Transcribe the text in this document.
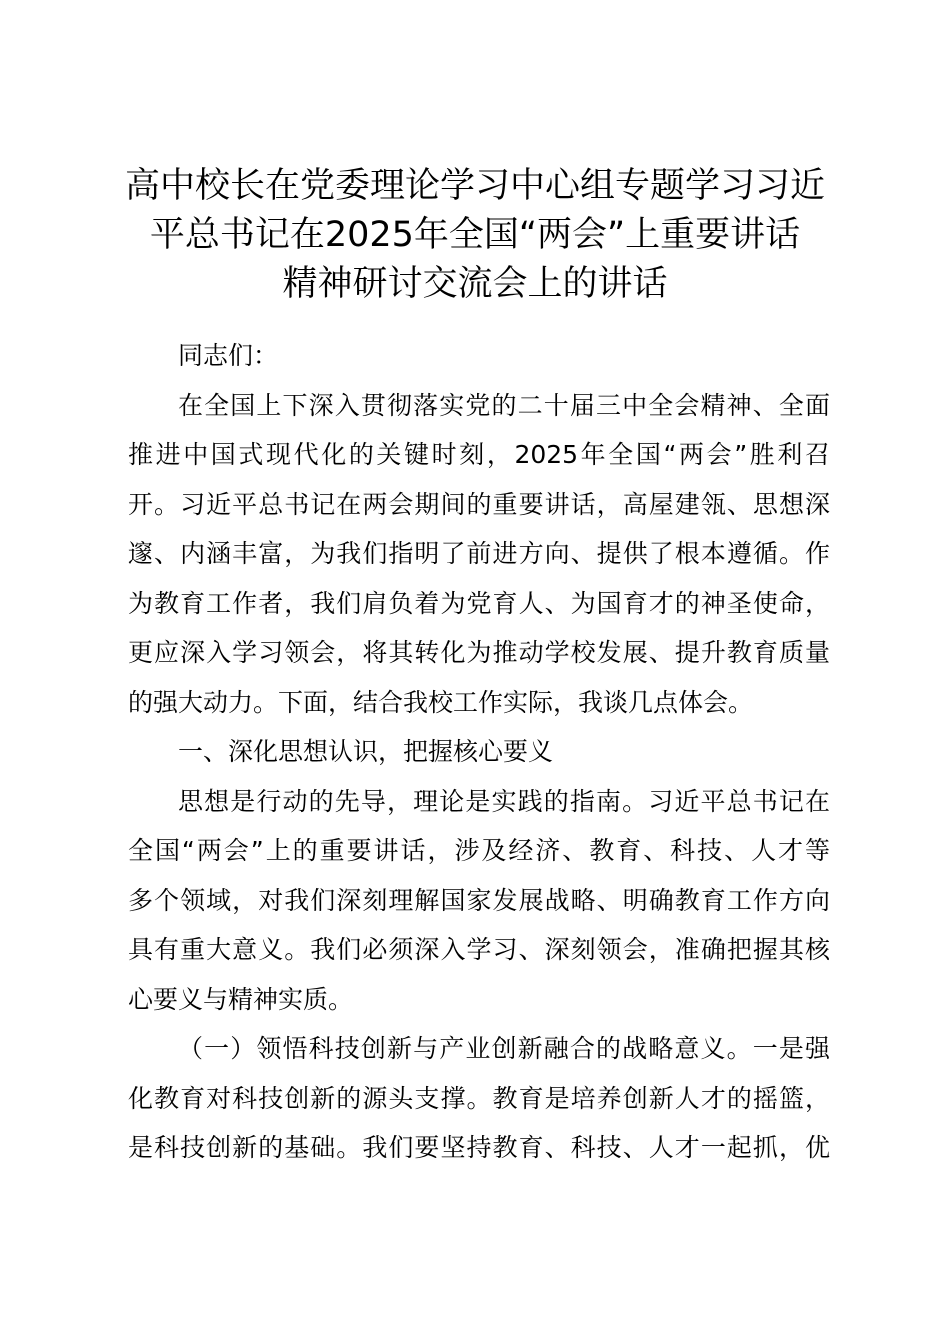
高中校长在党委理论学习中心组专题学习习近
平总书记在2025年全国“两会”上重要讲话
精神研讨交流会上的讲话
同志们：
在全国上下深入贯彻落实党的二十届三中全会精神、全面
推进中国式现代化的关键时刻，2025年全国“两会”胜利召
开。习近平总书记在两会期间的重要讲话，高屋建瓴、思想深
邃、内涵丰富，为我们指明了前进方向、提供了根本遵循。作
为教育工作者，我们肩负着为党育人、为国育才的神圣使命，
更应深入学习领会，将其转化为推动学校发展、提升教育质量
的强大动力。下面，结合我校工作实际，我谈几点体会。
一、深化思想认识，把握核心要义
思想是行动的先导，理论是实践的指南。习近平总书记在
全国“两会”上的重要讲话，涉及经济、教育、科技、人才等
多个领域，对我们深刻理解国家发展战略、明确教育工作方向
具有重大意义。我们必须深入学习、深刻领会，准确把握其核
心要义与精神实质。
（一）领悟科技创新与产业创新融合的战略意义。一是强
化教育对科技创新的源头支撑。教育是培养创新人才的摇篮，
是科技创新的基础。我们要坚持教育、科技、人才一起抓，优
